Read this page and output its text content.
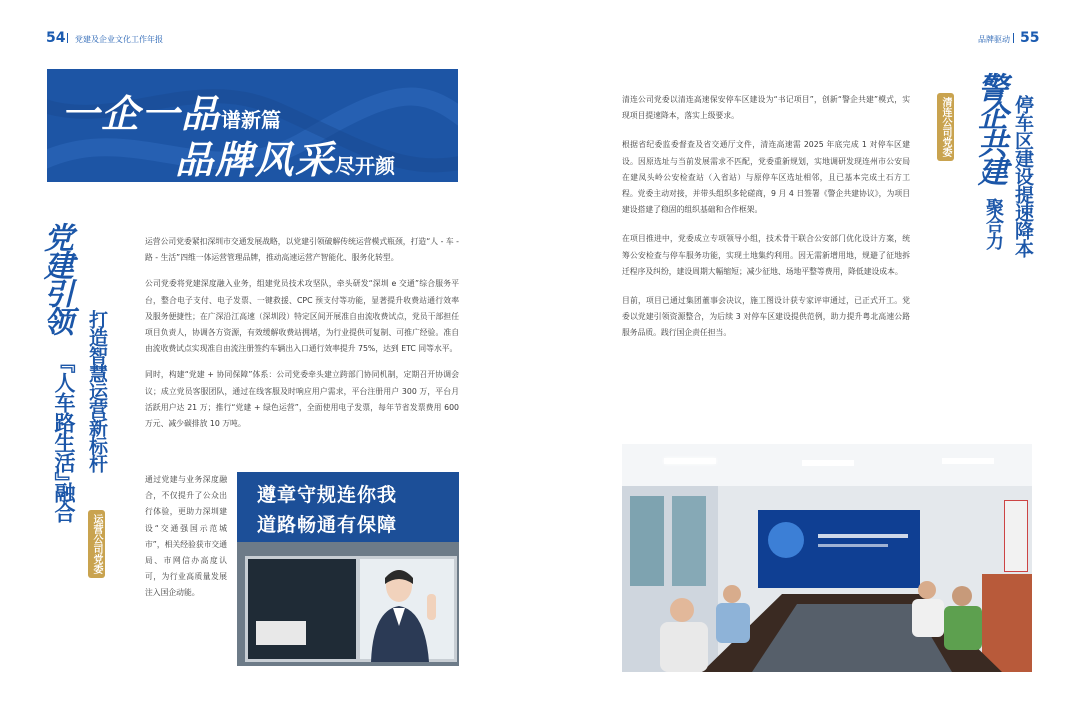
54 党建及企业文化工作年报	品牌驱动 55
一企一品谱新篇
品牌风采尽开颜
党建引领
『人车路生活』
融合
打造智慧运营新标杆
运营公司党委

运营公司党委紧扣深圳市交通发展战略，以党建引领破解传统运营模式瓶颈，打造“人 - 车 - 路 - 生活”四维一体运营管理品牌，推动高速运营产智能化、服务化转型。

公司党委将党建深度融入业务，组建党员技术攻坚队，牵头研发“深圳 e 交通”综合服务平台，整合电子支付、电子发票、一键救援、CPC 预支付等功能，显著提升收费站通行效率及服务便捷性；在广深沿江高速（深圳段）特定区间开展准自由流收费试点，党员干部担任项目负责人，协调各方资源，有效缓解收费站拥堵，为行业提供可复制、可推广经验。准自由流收费试点实现准自由流注册签约车辆出入口通行效率提升 75%，达到 ETC 同等水平。

同时，构建“党建 + 协同保障”体系：公司党委牵头建立跨部门协同机制，定期召开协调会议；成立党员客服团队，通过在线客服及时响应用户需求，平台注册用户 300 万，平台月活跃用户达 21 万；推行“党建 + 绿色运营”，全面使用电子发票，每年节省发票费用 600 万元、减少碳排放 10 万吨。

通过党建与业务深度融合，不仅提升了公众出行体验，更助力深圳建设“交通强国示范城市”，相关经验获市交通局、市网信办高度认可，为行业高质量发展注入国企动能。

遵章守规连你我
道路畅通有保障
清连公司党委 警企共建
聚合力 停车区建设提速降本

清连公司党委以清连高速保安停车区建设为“书记项目”，创新“警企共建”模式，实现项目提速降本，落实上级要求。

根据省纪委监委督查及省交通厅文件，清连高速需 2025 年底完成 1 对停车区建设。因原选址与当前发展需求不匹配，党委重新规划，实地调研发现连州市公安局在建凤头岭公安检查站（入省站）与原停车区选址相邻，且已基本完成土石方工程。党委主动对接，并带头组织多轮磋商，9 月 4 日签署《警企共建协议》，为项目建设搭建了稳固的组织基础和合作框架。

在项目推进中，党委成立专项领导小组，技术骨干联合公安部门优化设计方案，统筹公安检查与停车服务功能，实现土地集约利用。因无需新增用地，规避了征地拆迁程序及纠纷，建设周期大幅缩短；减少征地、场地平整等费用，降低建设成本。

目前，项目已通过集团董事会决议，施工图设计获专家评审通过，已正式开工。党委以党建引领资源整合，为后续 3 对停车区建设提供范例，助力提升粤北高速公路服务品质。践行国企责任担当。
